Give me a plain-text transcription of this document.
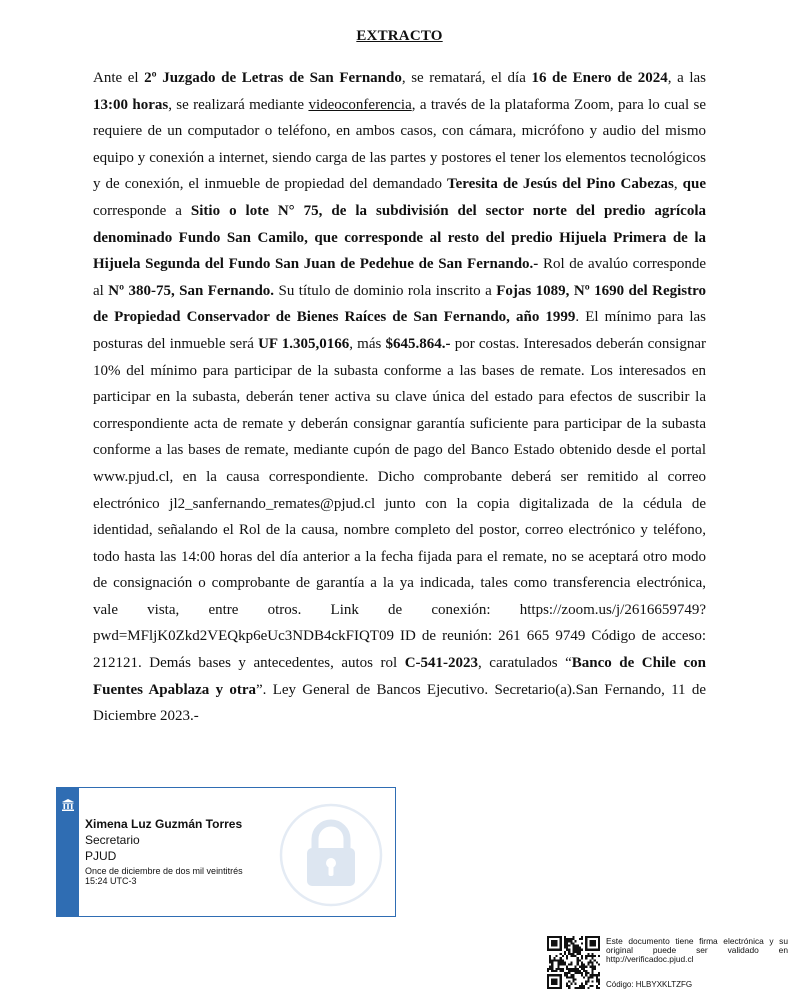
EXTRACTO
Ante el 2º Juzgado de Letras de San Fernando, se rematará, el día 16 de Enero de 2024, a las 13:00 horas, se realizará mediante videoconferencia, a través de la plataforma Zoom, para lo cual se requiere de un computador o teléfono, en ambos casos, con cámara, micrófono y audio del mismo equipo y conexión a internet, siendo carga de las partes y postores el tener los elementos tecnológicos y de conexión, el inmueble de propiedad del demandado Teresita de Jesús del Pino Cabezas, que corresponde a Sitio o lote N° 75, de la subdivisión del sector norte del predio agrícola denominado Fundo San Camilo, que corresponde al resto del predio Hijuela Primera de la Hijuela Segunda del Fundo San Juan de Pedehue de San Fernando.- Rol de avalúo corresponde al Nº 380-75, San Fernando. Su título de dominio rola inscrito a Fojas 1089, Nº 1690 del Registro de Propiedad Conservador de Bienes Raíces de San Fernando, año 1999. El mínimo para las posturas del inmueble será UF 1.305,0166, más $645.864.- por costas. Interesados deberán consignar 10% del mínimo para participar de la subasta conforme a las bases de remate. Los interesados en participar en la subasta, deberán tener activa su clave única del estado para efectos de suscribir la correspondiente acta de remate y deberán consignar garantía suficiente para participar de la subasta conforme a las bases de remate, mediante cupón de pago del Banco Estado obtenido desde el portal www.pjud.cl, en la causa correspondiente. Dicho comprobante deberá ser remitido al correo electrónico jl2_sanfernando_remates@pjud.cl junto con la copia digitalizada de la cédula de identidad, señalando el Rol de la causa, nombre completo del postor, correo electrónico y teléfono, todo hasta las 14:00 horas del día anterior a la fecha fijada para el remate, no se aceptará otro modo de consignación o comprobante de garantía a la ya indicada, tales como transferencia electrónica, vale vista, entre otros. Link de conexión: https://zoom.us/j/2616659749?pwd=MFljK0Zkd2VEQkp6eUc3NDB4ckFIQT09 ID de reunión: 261 665 9749 Código de acceso: 212121. Demás bases y antecedentes, autos rol C-541-2023, caratulados “Banco de Chile con Fuentes Apablaza y otra”. Ley General de Bancos Ejecutivo. Secretario(a).San Fernando, 11 de Diciembre 2023.-
Ximena Luz Guzmán Torres
Secretario
PJUD
Once de diciembre de dos mil veintitrés
15:24 UTC-3
Este documento tiene firma electrónica y su original puede ser validado en http://verificadoc.pjud.cl
Código: HLBYXKLTZFG
